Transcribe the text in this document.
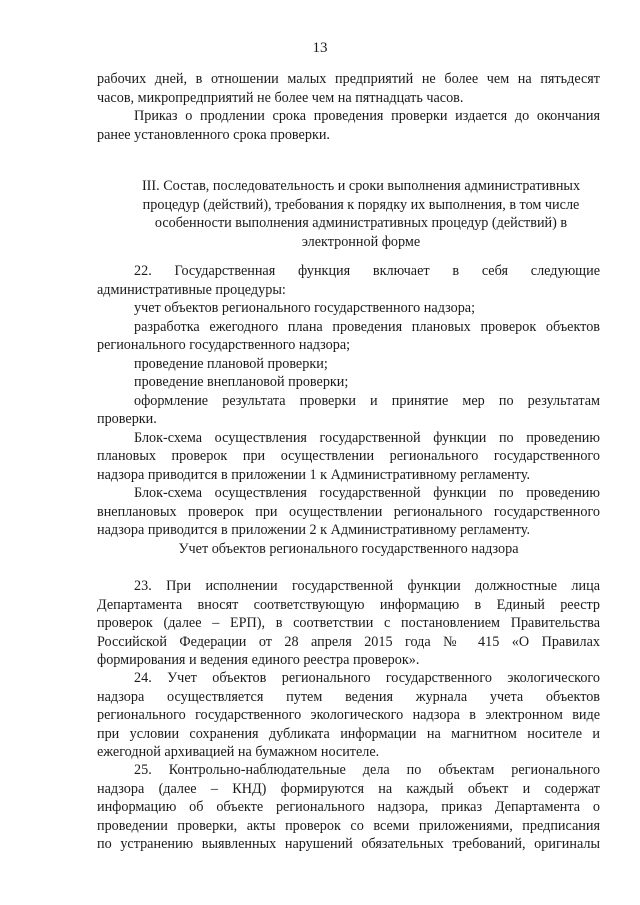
13

рабочих дней, в отношении малых предприятий не более чем на пятьдесят

часов, микропредприятий не более чем на пятнадцать часов.

Приказ о продлении срока проведения проверки издается до окончания

ранее установленного срока проверки.

III. Состав, последовательность и сроки выполнения административных

процедур (действий), требования к порядку их выполнения, в том числе

особенности выполнения административных процедур (действий) в

электронной форме

22. Государственная функция включает в себя следующие

административные процедуры:

учет объектов регионального государственного надзора;

разработка ежегодного плана проведения плановых проверок объектов

регионального государственного надзора;

проведение плановой проверки;

проведение внеплановой проверки;

оформление результата проверки и принятие мер по результатам

проверки.

Блок-схема осуществления государственной функции по проведению

плановых проверок при осуществлении регионального государственного

надзора приводится в приложении 1 к Административному регламенту.

Блок-схема осуществления государственной функции по проведению

внеплановых проверок при осуществлении регионального государственного

надзора приводится в приложении 2 к Административному регламенту.

Учет объектов регионального государственного надзора

23. При исполнении государственной функции должностные лица

Департамента вносят соответствующую информацию в Единый реестр

проверок (далее – ЕРП), в соответствии с постановлением Правительства

Российской Федерации от 28 апреля 2015 года № 415 «О Правилах

формирования и ведения единого реестра проверок».

24. Учет объектов регионального государственного экологического

надзора осуществляется путем ведения журнала учета объектов

регионального государственного экологического надзора в электронном виде

при условии сохранения дубликата информации на магнитном носителе и

ежегодной архивацией на бумажном носителе.

25. Контрольно-наблюдательные дела по объектам регионального

надзора (далее – КНД) формируются на каждый объект и содержат

информацию об объекте регионального надзора, приказ Департамента о

проведении проверки, акты проверок со всеми приложениями, предписания

по устранению выявленных нарушений обязательных требований, оригиналы
